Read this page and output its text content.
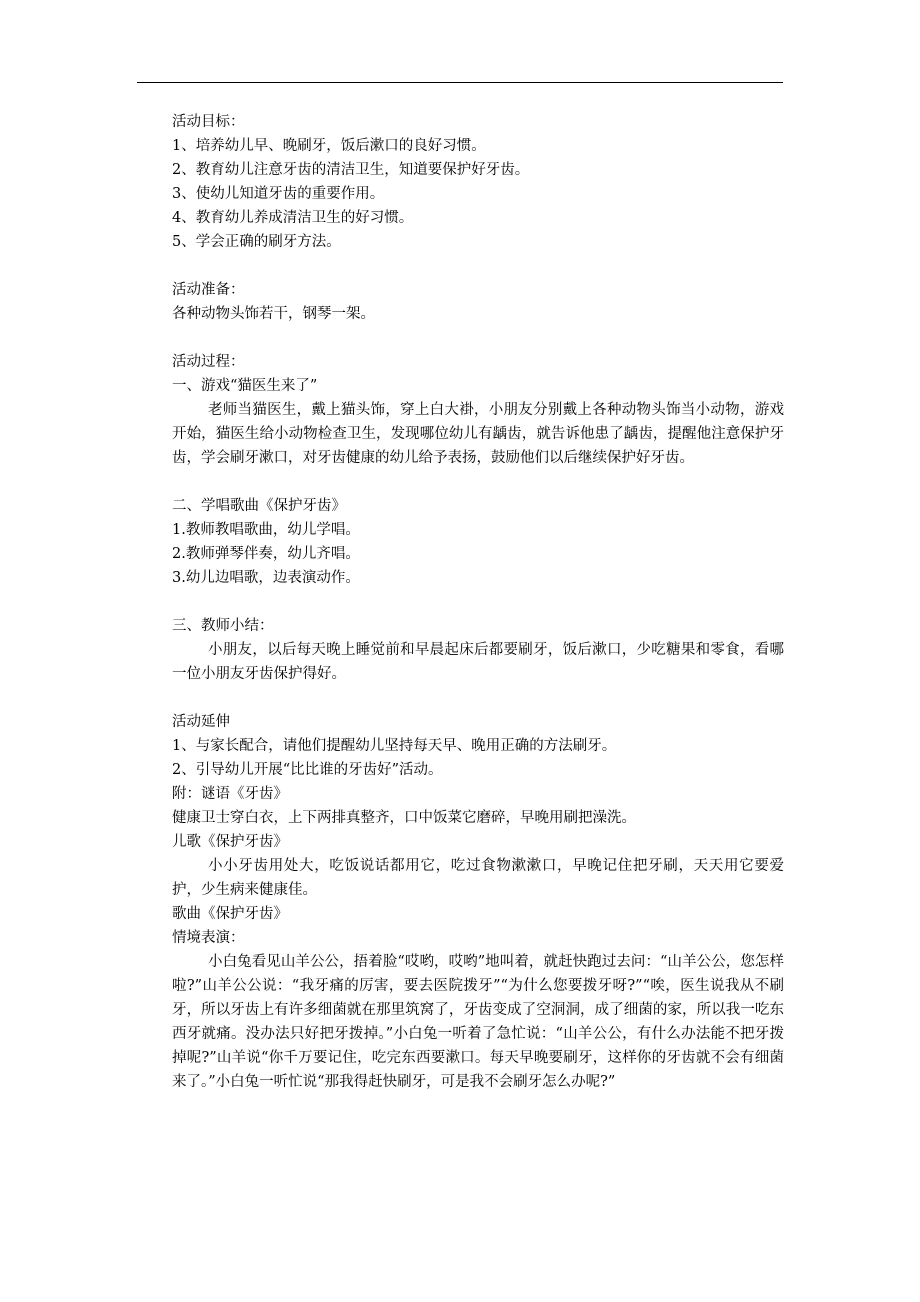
活动目标：

1、培养幼儿早、晚刷牙，饭后漱口的良好习惯。

2、教育幼儿注意牙齿的清洁卫生，知道要保护好牙齿。

3、使幼儿知道牙齿的重要作用。

4、教育幼儿养成清洁卫生的好习惯。

5、学会正确的刷牙方法。

活动准备：

各种动物头饰若干，钢琴一架。

活动过程：

一、游戏“猫医生来了”

老师当猫医生，戴上猫头饰，穿上白大褂，小朋友分别戴上各种动物头饰当小动物，游戏开始，猫医生给小动物检查卫生，发现哪位幼儿有龋齿，就告诉他患了龋齿，提醒他注意保护牙齿，学会刷牙漱口，对牙齿健康的幼儿给予表扬，鼓励他们以后继续保护好牙齿。

二、学唱歌曲《保护牙齿》

1.教师教唱歌曲，幼儿学唱。

2.教师弹琴伴奏，幼儿齐唱。

3.幼儿边唱歌，边表演动作。

三、教师小结：

小朋友，以后每天晚上睡觉前和早晨起床后都要刷牙，饭后漱口，少吃糖果和零食，看哪一位小朋友牙齿保护得好。

活动延伸

1、与家长配合，请他们提醒幼儿坚持每天早、晚用正确的方法刷牙。

2、引导幼儿开展“比比谁的牙齿好”活动。

附：谜语《牙齿》

健康卫士穿白衣，上下两排真整齐，口中饭菜它磨碎，早晚用刷把澡洗。

儿歌《保护牙齿》

小小牙齿用处大，吃饭说话都用它，吃过食物漱漱口，早晚记住把牙刷，天天用它要爱护，少生病来健康佳。

歌曲《保护牙齿》

情境表演：

小白兔看见山羊公公，捂着脸“哎哟，哎哟”地叫着，就赶快跑过去问：“山羊公公，您怎样啦?”山羊公公说：“我牙痛的厉害，要去医院拨牙”“为什么您要拨牙呀?”“唉，医生说我从不刷牙，所以牙齿上有许多细菌就在那里筑窝了，牙齿变成了空洞洞，成了细菌的家，所以我一吃东西牙就痛。没办法只好把牙拨掉。”小白兔一听着了急忙说：“山羊公公，有什么办法能不把牙拨掉呢?”山羊说“你千万要记住，吃完东西要漱口。每天早晚要刷牙，这样你的牙齿就不会有细菌来了。”小白兔一听忙说“那我得赶快刷牙，可是我不会刷牙怎么办呢?”
